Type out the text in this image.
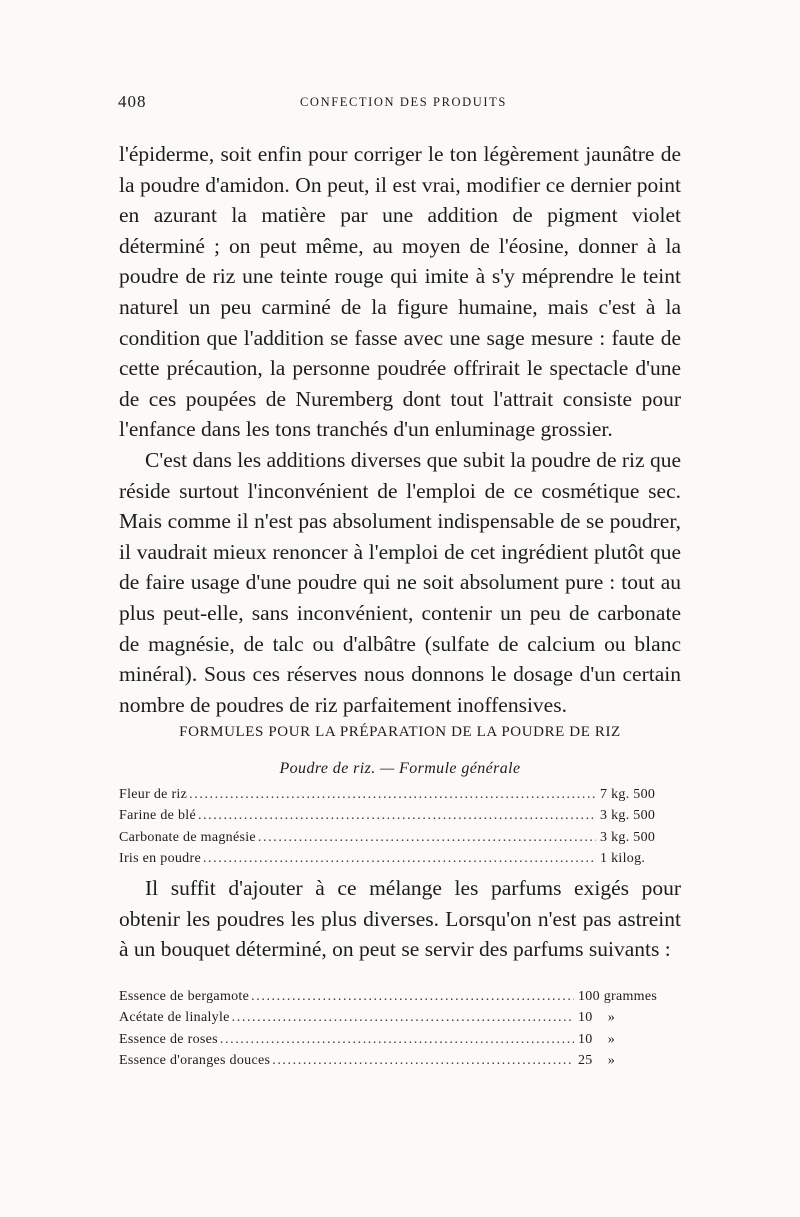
408	CONFECTION DES PRODUITS

l'épiderme, soit enfin pour corriger le ton légèrement jaunâtre de la poudre d'amidon. On peut, il est vrai, modifier ce dernier point en azurant la matière par une addition de pigment violet déterminé ; on peut même, au moyen de l'éosine, donner à la poudre de riz une teinte rouge qui imite à s'y méprendre le teint naturel un peu carminé de la figure humaine, mais c'est à la condition que l'addition se fasse avec une sage mesure : faute de cette précaution, la personne poudrée offrirait le spectacle d'une de ces poupées de Nuremberg dont tout l'attrait consiste pour l'enfance dans les tons tranchés d'un enluminage grossier.

C'est dans les additions diverses que subit la poudre de riz que réside surtout l'inconvénient de l'emploi de ce cosmétique sec. Mais comme il n'est pas absolument indispensable de se poudrer, il vaudrait mieux renoncer à l'emploi de cet ingrédient plutôt que de faire usage d'une poudre qui ne soit absolument pure : tout au plus peut-elle, sans inconvénient, contenir un peu de carbonate de magnésie, de talc ou d'albâtre (sulfate de calcium ou blanc minéral). Sous ces réserves nous donnons le dosage d'un certain nombre de poudres de riz parfaitement inoffensives.

FORMULES POUR LA PRÉPARATION DE LA POUDRE DE RIZ
Poudre de riz. — Formule générale
Fleur de riz .....	7 kg. 500
Farine de blé .....	3 kg. 500
Carbonate de magnésie .....	3 kg. 500
Iris en poudre .....	1 kilog.

Il suffit d'ajouter à ce mélange les parfums exigés pour obtenir les poudres les plus diverses. Lorsqu'on n'est pas astreint à un bouquet déterminé, on peut se servir des parfums suivants :

Essence de bergamote .....	100 grammes
Acétate de linalyle .....	10    »
Essence de roses .....	10    »
Essence d'oranges douces .....	25    »
